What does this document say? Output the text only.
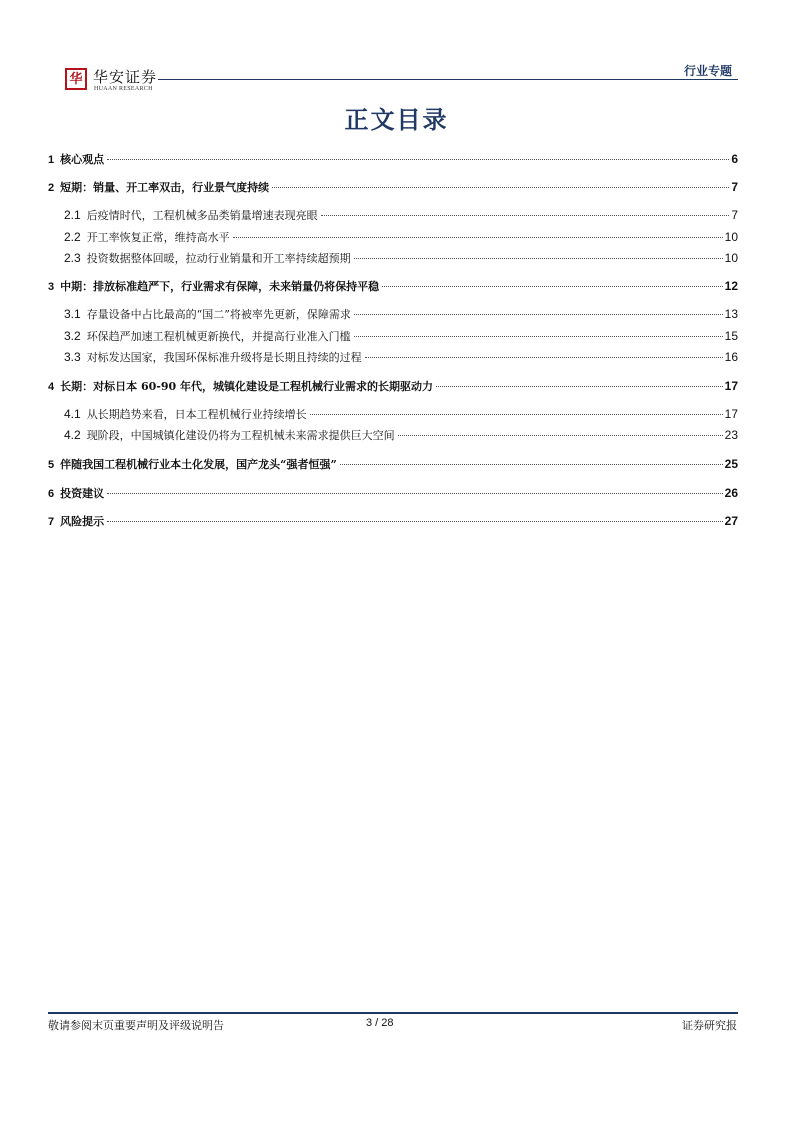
华 华安证券
HUAAN RESEARCH
行业专题
正文目录
1 核心观点	6
2 短期：销量、开工率双击，行业景气度持续	7
2.1 后疫情时代，工程机械多品类销量增速表现亮眼	7
2.2 开工率恢复正常，维持高水平	10
2.3 投资数据整体回暖，拉动行业销量和开工率持续超预期	10
3 中期：排放标准趋严下，行业需求有保障，未来销量仍将保持平稳	12
3.1 存量设备中占比最高的“国二”将被率先更新，保障需求	13
3.2 环保趋严加速工程机械更新换代，并提高行业准入门槛	15
3.3 对标发达国家，我国环保标准升级将是长期且持续的过程	16
4 长期：对标日本 60-90 年代，城镇化建设是工程机械行业需求的长期驱动力	17
4.1 从长期趋势来看，日本工程机械行业持续增长	17
4.2 现阶段，中国城镇化建设仍将为工程机械未来需求提供巨大空间	23
5 伴随我国工程机械行业本土化发展，国产龙头“强者恒强”	25
6 投资建议	26
7 风险提示	27
敬请参阅末页重要声明及评级说明告	3 / 28	证券研究报
